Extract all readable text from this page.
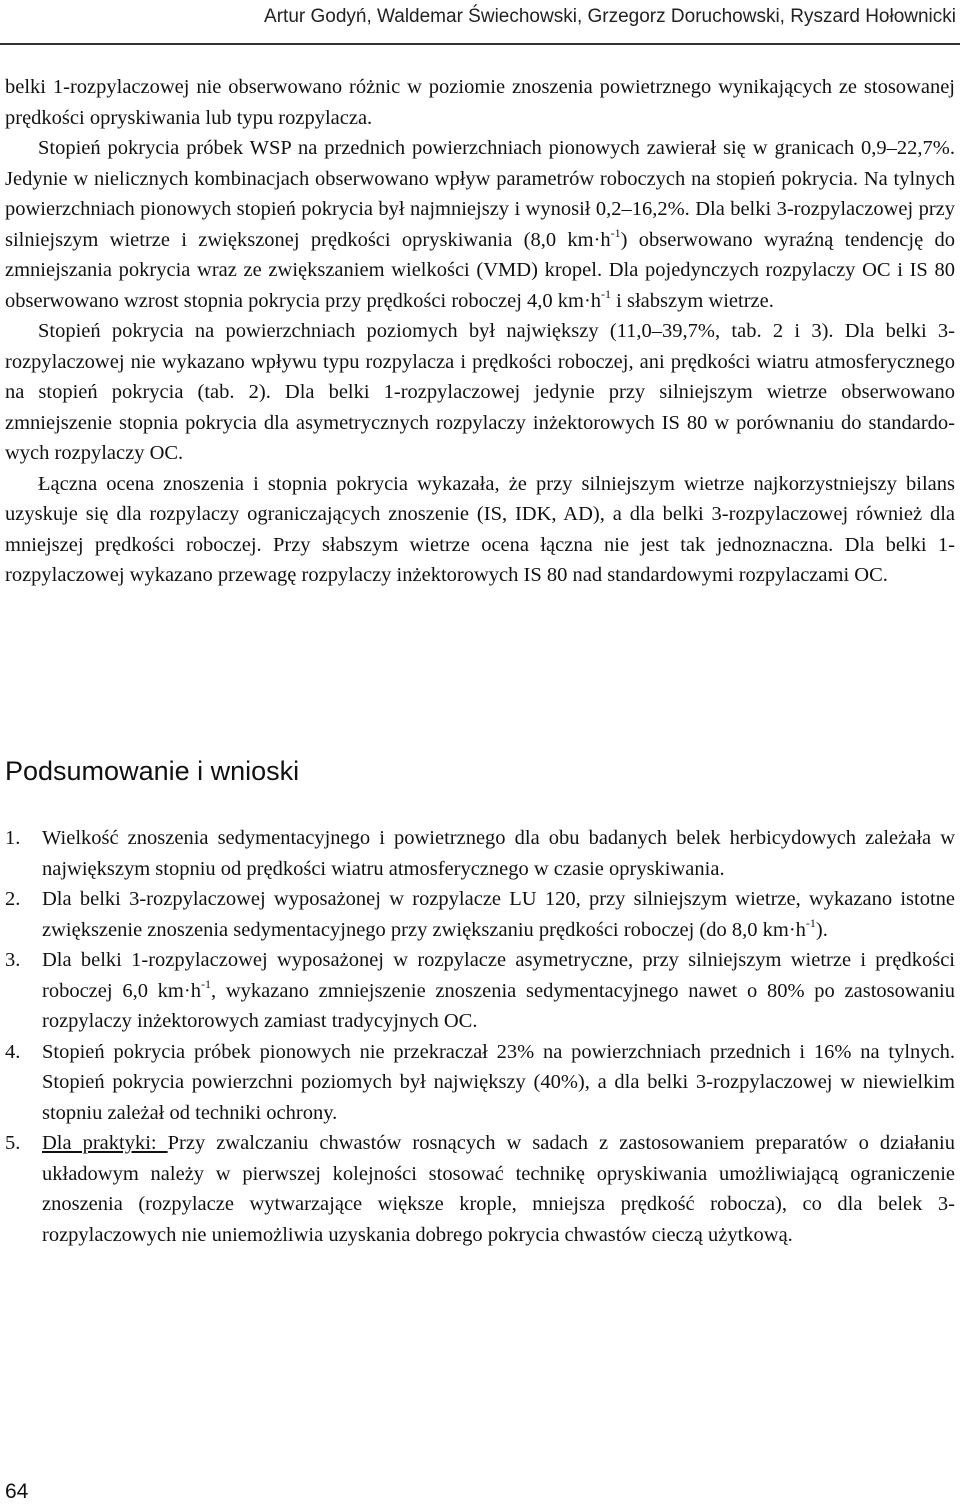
Artur Godyń, Waldemar Świechowski, Grzegorz Doruchowski, Ryszard Hołownicki

belki 1-rozpylaczowej nie obserwowano różnic w poziomie znoszenia powietrznego wynikających ze stosowanej prędkości opryskiwania lub typu rozpylacza.

Stopień pokrycia próbek WSP na przednich powierzchniach pionowych zawierał się w granicach 0,9–22,7%. Jedynie w nielicznych kombinacjach obserwowano wpływ parametrów roboczych na stopień pokrycia. Na tylnych powierzchniach pionowych stopień pokrycia był najmniejszy i wynosił 0,2–16,2%. Dla belki 3-rozpylaczowej przy silniejszym wietrze i zwiększonej prędkości opryskiwania (8,0 $km\cdot h^{-1}$) obserwowano wyraźną tendencję do zmniejszania pokrycia wraz ze zwiększaniem wielkości (VMD) kropel. Dla pojedynczych rozpylaczy OC i IS 80 obserwowano wzrost stopnia pokrycia przy prędkości roboczej 4,0 $km\cdot h^{-1}$ i słabszym wietrze.

Stopień pokrycia na powierzchniach poziomych był największy (11,0–39,7%, tab. 2 i 3). Dla belki 3-rozpylaczowej nie wykazano wpływu typu rozpylacza i prędkości roboczej, ani prędkości wiatru atmosferycznego na stopień pokrycia (tab. 2). Dla belki 1-rozpylaczowej jedynie przy silniejszym wietrze obserwowano zmniejszenie stopnia pokrycia dla asymetrycznych rozpylaczy inżektorowych IS 80 w porównaniu do standardowych rozpylaczy OC.

Łączna ocena znoszenia i stopnia pokrycia wykazała, że przy silniejszym wietrze najkorzystniejszy bilans uzyskuje się dla rozpylaczy ograniczających znoszenie (IS, IDK, AD), a dla belki 3-rozpylaczowej również dla mniejszej prędkości roboczej. Przy słabszym wietrze ocena łączna nie jest tak jednoznaczna. Dla belki 1-rozpylaczowej wykazano przewagę rozpylaczy inżektorowych IS 80 nad standardowymi rozpylaczami OC.

Podsumowanie i wnioski
1. Wielkość znoszenia sedymentacyjnego i powietrznego dla obu badanych belek herbicydowych zależała w największym stopniu od prędkości wiatru atmosferycznego w czasie opryskiwania.
2. Dla belki 3-rozpylaczowej wyposażonej w rozpylacze LU 120, przy silniejszym wietrze, wykazano istotne zwiększenie znoszenia sedymentacyjnego przy zwiększaniu prędkości roboczej (do 8,0 $km\cdot h^{-1}$).
3. Dla belki 1-rozpylaczowej wyposażonej w rozpylacze asymetryczne, przy silniejszym wietrze i prędkości roboczej 6,0 $km\cdot h^{-1}$, wykazano zmniejszenie znoszenia sedymentacyjnego nawet o 80% po zastosowaniu rozpylaczy inżektorowych zamiast tradycyjnych OC.
4. Stopień pokrycia próbek pionowych nie przekraczał 23% na powierzchniach przednich i 16% na tylnych. Stopień pokrycia powierzchni poziomych był największy (40%), a dla belki 3-rozpylaczowej w niewielkim stopniu zależał od techniki ochrony.
5. Dla praktyki: Przy zwalczaniu chwastów rosnących w sadach z zastosowaniem preparatów o działaniu układowym należy w pierwszej kolejności stosować technikę opryskiwania umożliwiającą ograniczenie znoszenia (rozpylacze wytwarzające większe krople, mniejsza prędkość robocza), co dla belek 3-rozpylaczowych nie uniemożliwia uzyskania dobrego pokrycia chwastów cieczą użytkową.
64
